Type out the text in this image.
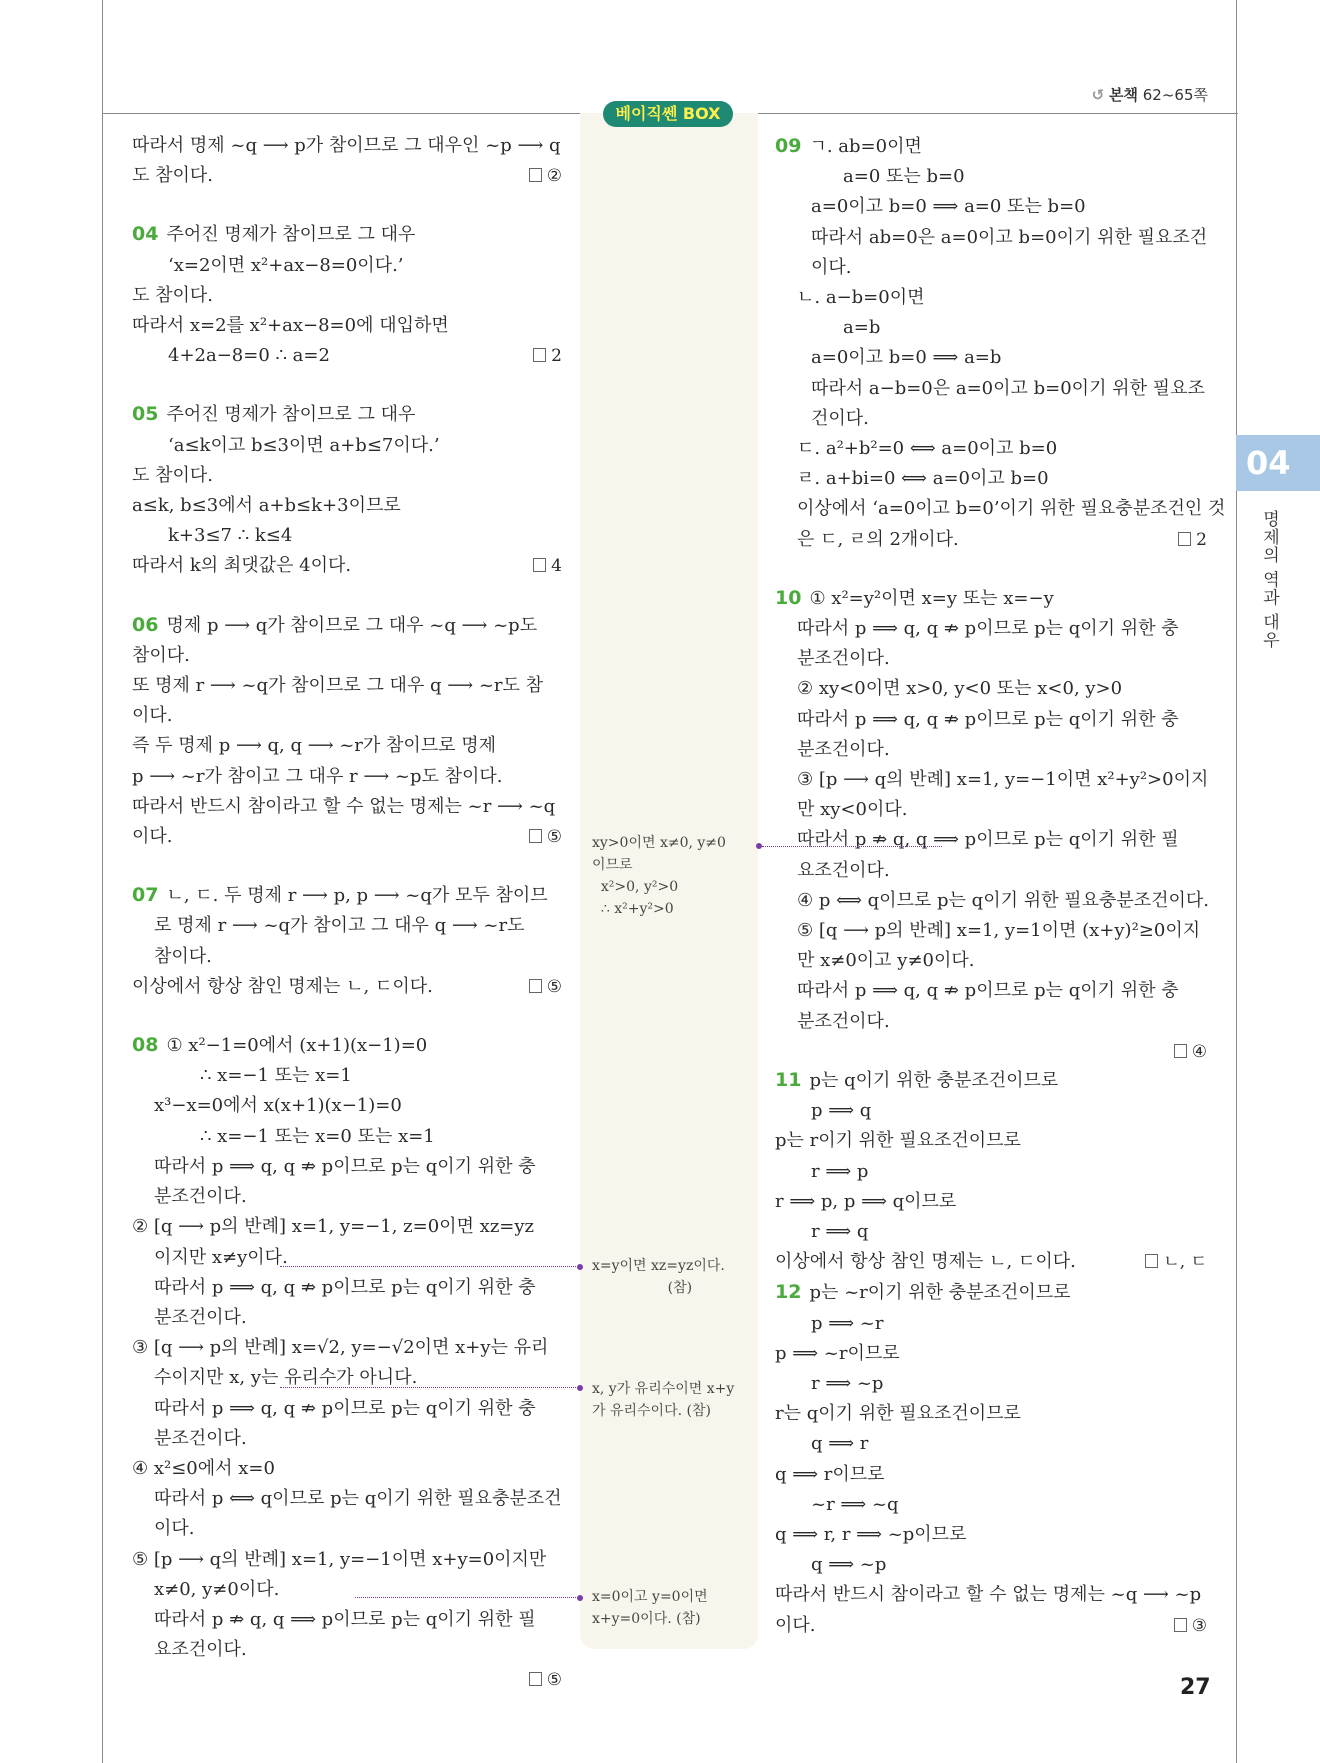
↺ 본책 62~65쪽
베이직쎈 BOX
따라서 명제 ~q ⟶ p가 참이므로 그 대우인 ~p ⟶ q
②
도 참이다.
04 주어진 명제가 참이므로 그 대우
‘x=2이면 x²+ax−8=0이다.’
도 참이다.
따라서 x=2를 x²+ax−8=0에 대입하면
2
4+2a−8=0 ∴ a=2
05 주어진 명제가 참이므로 그 대우
‘a≤k이고 b≤3이면 a+b≤7이다.’
도 참이다.
a≤k, b≤3에서 a+b≤k+3이므로
k+3≤7 ∴ k≤4
4
따라서 k의 최댓값은 4이다.
06 명제 p ⟶ q가 참이므로 그 대우 ~q ⟶ ~p도
참이다.
또 명제 r ⟶ ~q가 참이므로 그 대우 q ⟶ ~r도 참
이다.
즉 두 명제 p ⟶ q, q ⟶ ~r가 참이므로 명제
p ⟶ ~r가 참이고 그 대우 r ⟶ ~p도 참이다.
따라서 반드시 참이라고 할 수 없는 명제는 ~r ⟶ ~q
⑤
이다.
07 ㄴ, ㄷ. 두 명제 r ⟶ p, p ⟶ ~q가 모두 참이므
로 명제 r ⟶ ~q가 참이고 그 대우 q ⟶ ~r도
참이다.
⑤
이상에서 항상 참인 명제는 ㄴ, ㄷ이다.
08 ① x²−1=0에서 (x+1)(x−1)=0
∴ x=−1 또는 x=1
x³−x=0에서 x(x+1)(x−1)=0
∴ x=−1 또는 x=0 또는 x=1
따라서 p ⟹ q, q ⇏ p이므로 p는 q이기 위한 충
분조건이다.
② [q ⟶ p의 반례] x=1, y=−1, z=0이면 xz=yz
이지만 x≠y이다.
따라서 p ⟹ q, q ⇏ p이므로 p는 q이기 위한 충
분조건이다.
③ [q ⟶ p의 반례] x=√2, y=−√2이면 x+y는 유리
수이지만 x, y는 유리수가 아니다.
따라서 p ⟹ q, q ⇏ p이므로 p는 q이기 위한 충
분조건이다.
④ x²≤0에서 x=0
따라서 p ⟺ q이므로 p는 q이기 위한 필요충분조건
이다.
⑤ [p ⟶ q의 반례] x=1, y=−1이면 x+y=0이지만
x≠0, y≠0이다.
따라서 p ⇏ q, q ⟹ p이므로 p는 q이기 위한 필
요조건이다.
⑤
09 ㄱ. ab=0이면
a=0 또는 b=0
a=0이고 b=0 ⟹ a=0 또는 b=0
따라서 ab=0은 a=0이고 b=0이기 위한 필요조건
이다.
ㄴ. a−b=0이면
a=b
a=0이고 b=0 ⟹ a=b
따라서 a−b=0은 a=0이고 b=0이기 위한 필요조
건이다.
ㄷ. a²+b²=0 ⟺ a=0이고 b=0
ㄹ. a+bi=0 ⟺ a=0이고 b=0
이상에서 ‘a=0이고 b=0’이기 위한 필요충분조건인 것
2
은 ㄷ, ㄹ의 2개이다.
10 ① x²=y²이면 x=y 또는 x=−y
따라서 p ⟹ q, q ⇏ p이므로 p는 q이기 위한 충
분조건이다.
② xy<0이면 x>0, y<0 또는 x<0, y>0
따라서 p ⟹ q, q ⇏ p이므로 p는 q이기 위한 충
분조건이다.
③ [p ⟶ q의 반례] x=1, y=−1이면 x²+y²>0이지
만 xy<0이다.
따라서 p ⇏ q, q ⟹ p이므로 p는 q이기 위한 필
요조건이다.
④ p ⟺ q이므로 p는 q이기 위한 필요충분조건이다.
⑤ [q ⟶ p의 반례] x=1, y=1이면 (x+y)²≥0이지
만 x≠0이고 y≠0이다.
따라서 p ⟹ q, q ⇏ p이므로 p는 q이기 위한 충
분조건이다.
④
11 p는 q이기 위한 충분조건이므로
p ⟹ q
p는 r이기 위한 필요조건이므로
r ⟹ p
r ⟹ p, p ⟹ q이므로
r ⟹ q
ㄴ, ㄷ
이상에서 항상 참인 명제는 ㄴ, ㄷ이다.
12 p는 ~r이기 위한 충분조건이므로
p ⟹ ~r
p ⟹ ~r이므로
r ⟹ ~p
r는 q이기 위한 필요조건이므로
q ⟹ r
q ⟹ r이므로
~r ⟹ ~q
q ⟹ r, r ⟹ ~p이므로
q ⟹ ~p
따라서 반드시 참이라고 할 수 없는 명제는 ~q ⟶ ~p
③
이다.
xy>0이면 x≠0, y≠0
이므로
x²>0, y²>0
∴ x²+y²>0
x=y이면 xz=yz이다.
(참)
x, y가 유리수이면 x+y
가 유리수이다. (참)
x=0이고 y=0이면
x+y=0이다. (참)
04
명제의 역과 대우
27
